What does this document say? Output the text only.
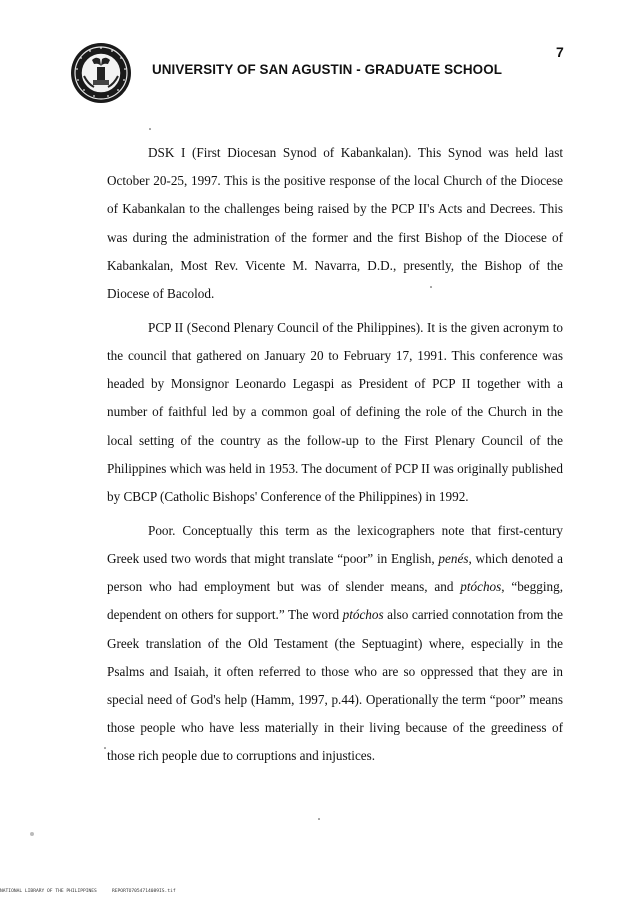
7
UNIVERSITY OF SAN AGUSTIN - GRADUATE SCHOOL

DSK I (First Diocesan Synod of Kabankalan). This Synod was held last October 20-25, 1997. This is the positive response of the local Church of the Diocese of Kabankalan to the challenges being raised by the PCP II's Acts and Decrees. This was during the administration of the former and the first Bishop of the Diocese of Kabankalan, Most Rev. Vicente M. Navarra, D.D., presently, the Bishop of the Diocese of Bacolod.

PCP II (Second Plenary Council of the Philippines). It is the given acronym to the council that gathered on January 20 to February 17, 1991. This conference was headed by Monsignor Leonardo Legaspi as President of PCP II together with a number of faithful led by a common goal of defining the role of the Church in the local setting of the country as the follow-up to the First Plenary Council of the Philippines which was held in 1953. The document of PCP II was originally published by CBCP (Catholic Bishops' Conference of the Philippines) in 1992.

Poor. Conceptually this term as the lexicographers note that first-century Greek used two words that might translate “poor” in English, penés, which denoted a person who had employment but was of slender means, and ptóchos, “begging, dependent on others for support.” The word ptóchos also carried connotation from the Greek translation of the Old Testament (the Septuagint) where, especially in the Psalms and Isaiah, it often referred to those who are so oppressed that they are in special need of God's help (Hamm, 1997, p.44). Operationally the term “poor” means those people who have less materially in their living because of the greediness of those rich people due to corruptions and injustices.

NATIONAL LIBRARY OF THE PHILIPPINES	REPORTO7054714089IS.tif
